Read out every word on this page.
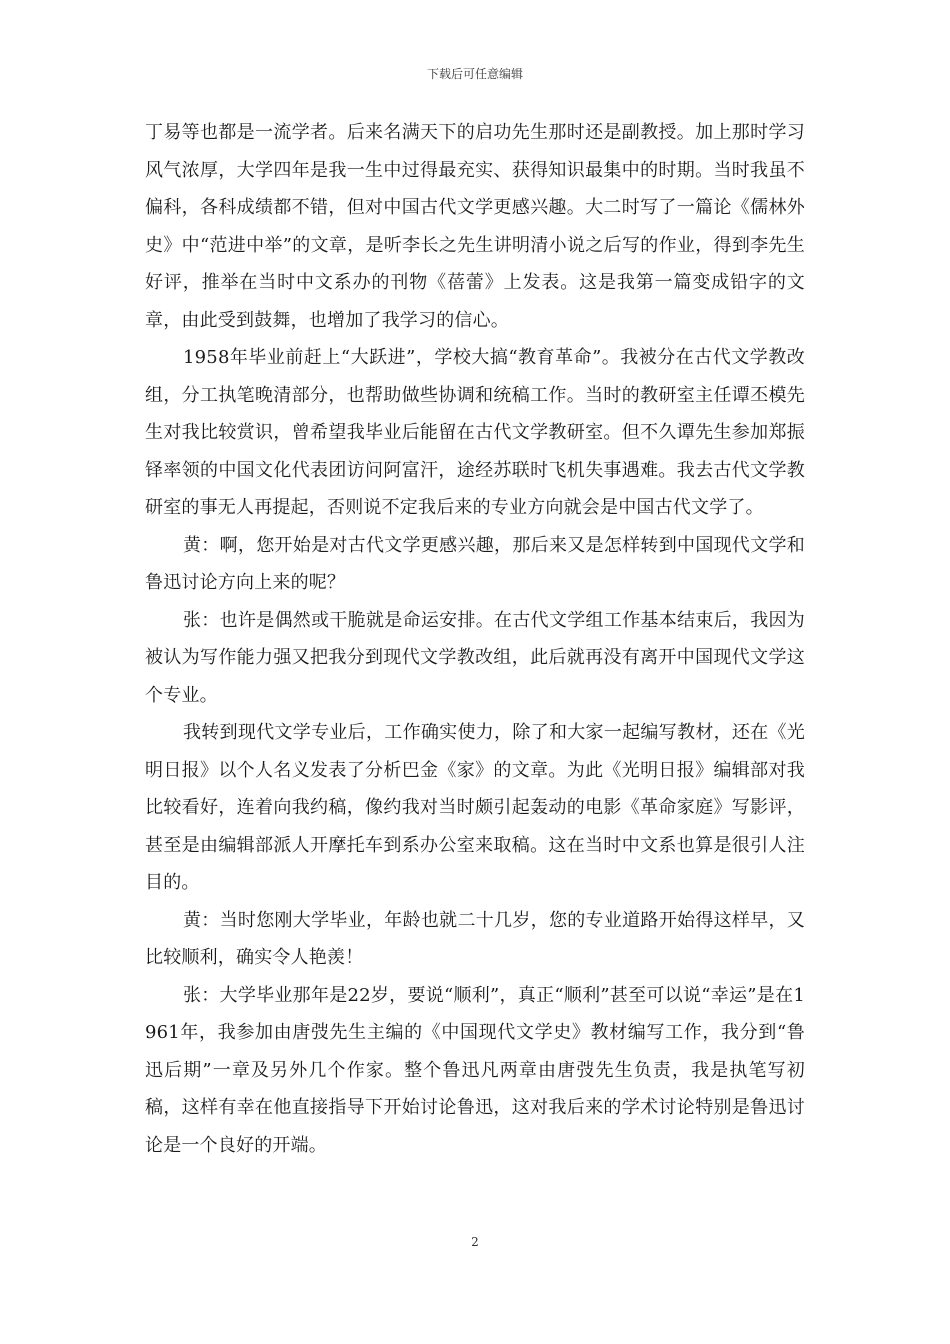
下载后可任意编辑

丁易等也都是一流学者。后来名满天下的启功先生那时还是副教授。加上那时学习风气浓厚，大学四年是我一生中过得最充实、获得知识最集中的时期。当时我虽不偏科，各科成绩都不错，但对中国古代文学更感兴趣。大二时写了一篇论《儒林外史》中“范进中举”的文章，是听李长之先生讲明清小说之后写的作业，得到李先生好评，推举在当时中文系办的刊物《蓓蕾》上发表。这是我第一篇变成铅字的文章，由此受到鼓舞，也增加了我学习的信心。

1958年毕业前赶上“大跃进”，学校大搞“教育革命”。我被分在古代文学教改组，分工执笔晚清部分，也帮助做些协调和统稿工作。当时的教研室主任谭丕模先生对我比较赏识，曾希望我毕业后能留在古代文学教研室。但不久谭先生参加郑振铎率领的中国文化代表团访问阿富汗，途经苏联时飞机失事遇难。我去古代文学教研室的事无人再提起，否则说不定我后来的专业方向就会是中国古代文学了。

黄：啊，您开始是对古代文学更感兴趣，那后来又是怎样转到中国现代文学和鲁迅讨论方向上来的呢？

张：也许是偶然或干脆就是命运安排。在古代文学组工作基本结束后，我因为被认为写作能力强又把我分到现代文学教改组，此后就再没有离开中国现代文学这个专业。

我转到现代文学专业后，工作确实使力，除了和大家一起编写教材，还在《光明日报》以个人名义发表了分析巴金《家》的文章。为此《光明日报》编辑部对我比较看好，连着向我约稿，像约我对当时颇引起轰动的电影《革命家庭》写影评，甚至是由编辑部派人开摩托车到系办公室来取稿。这在当时中文系也算是很引人注目的。

黄：当时您刚大学毕业，年龄也就二十几岁，您的专业道路开始得这样早，又比较顺利，确实令人艳羡！

张：大学毕业那年是22岁，要说“顺利”，真正“顺利”甚至可以说“幸运”是在1961年，我参加由唐弢先生主编的《中国现代文学史》教材编写工作，我分到“鲁迅后期”一章及另外几个作家。整个鲁迅凡两章由唐弢先生负责，我是执笔写初稿，这样有幸在他直接指导下开始讨论鲁迅，这对我后来的学术讨论特别是鲁迅讨论是一个良好的开端。

2
